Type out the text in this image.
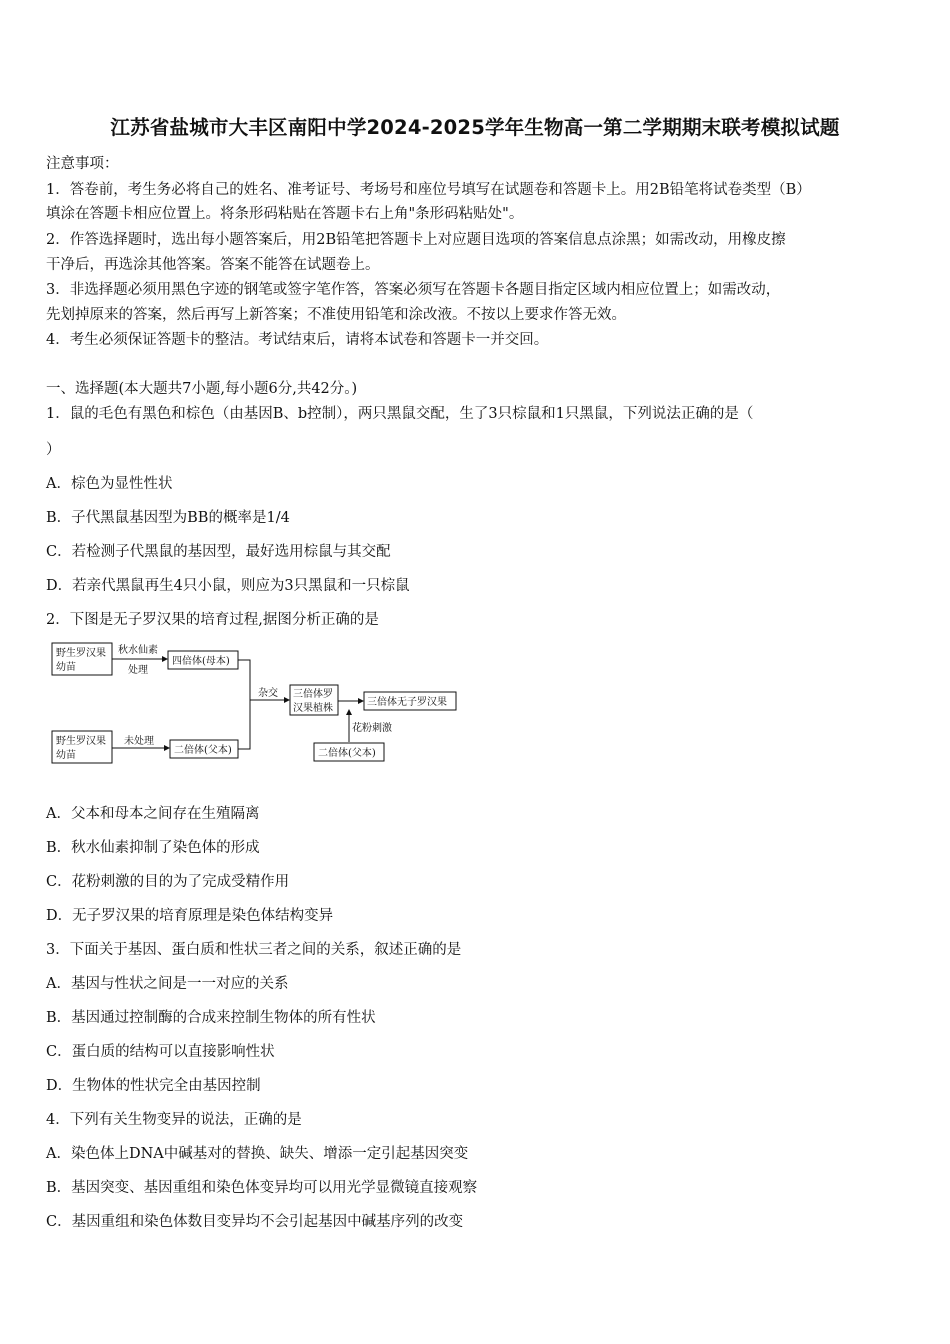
江苏省盐城市大丰区南阳中学2024-2025学年生物高一第二学期期末联考模拟试题
注意事项：
1．答卷前，考生务必将自己的姓名、准考证号、考场号和座位号填写在试题卷和答题卡上。用2B铅笔将试卷类型（B）
填涂在答题卡相应位置上。将条形码粘贴在答题卡右上角"条形码粘贴处"。
2．作答选择题时，选出每小题答案后，用2B铅笔把答题卡上对应题目选项的答案信息点涂黑；如需改动，用橡皮擦
干净后，再选涂其他答案。答案不能答在试题卷上。
3．非选择题必须用黑色字迹的钢笔或签字笔作答，答案必须写在答题卡各题目指定区域内相应位置上；如需改动，
先划掉原来的答案，然后再写上新答案；不准使用铅笔和涂改液。不按以上要求作答无效。
4．考生必须保证答题卡的整洁。考试结束后，请将本试卷和答题卡一并交回。
一、选择题(本大题共7小题,每小题6分,共42分。)
1．鼠的毛色有黑色和棕色（由基因B、b控制），两只黑鼠交配，生了3只棕鼠和1只黑鼠，下列说法正确的是（
）
A．棕色为显性性状
B．子代黑鼠基因型为BB的概率是1/4
C．若检测子代黑鼠的基因型，最好选用棕鼠与其交配
D．若亲代黑鼠再生4只小鼠，则应为3只黑鼠和一只棕鼠
2．下图是无子罗汉果的培育过程,据图分析正确的是
野生罗汉果
幼苗
秋水仙素
处理
四倍体(母本)
杂交 三倍体罗
汉果植株
三倍体无子罗汉果
野生罗汉果
幼苗
未处理
二倍体(父本)
花粉刺激
二倍体(父本)
A．父本和母本之间存在生殖隔离
B．秋水仙素抑制了染色体的形成
C．花粉刺激的目的为了完成受精作用
D．无子罗汉果的培育原理是染色体结构变异
3．下面关于基因、蛋白质和性状三者之间的关系，叙述正确的是
A．基因与性状之间是一一对应的关系
B．基因通过控制酶的合成来控制生物体的所有性状
C．蛋白质的结构可以直接影响性状
D．生物体的性状完全由基因控制
4．下列有关生物变异的说法，正确的是
A．染色体上DNA中碱基对的替换、缺失、增添一定引起基因突变
B．基因突变、基因重组和染色体变异均可以用光学显微镜直接观察
C．基因重组和染色体数目变异均不会引起基因中碱基序列的改变
